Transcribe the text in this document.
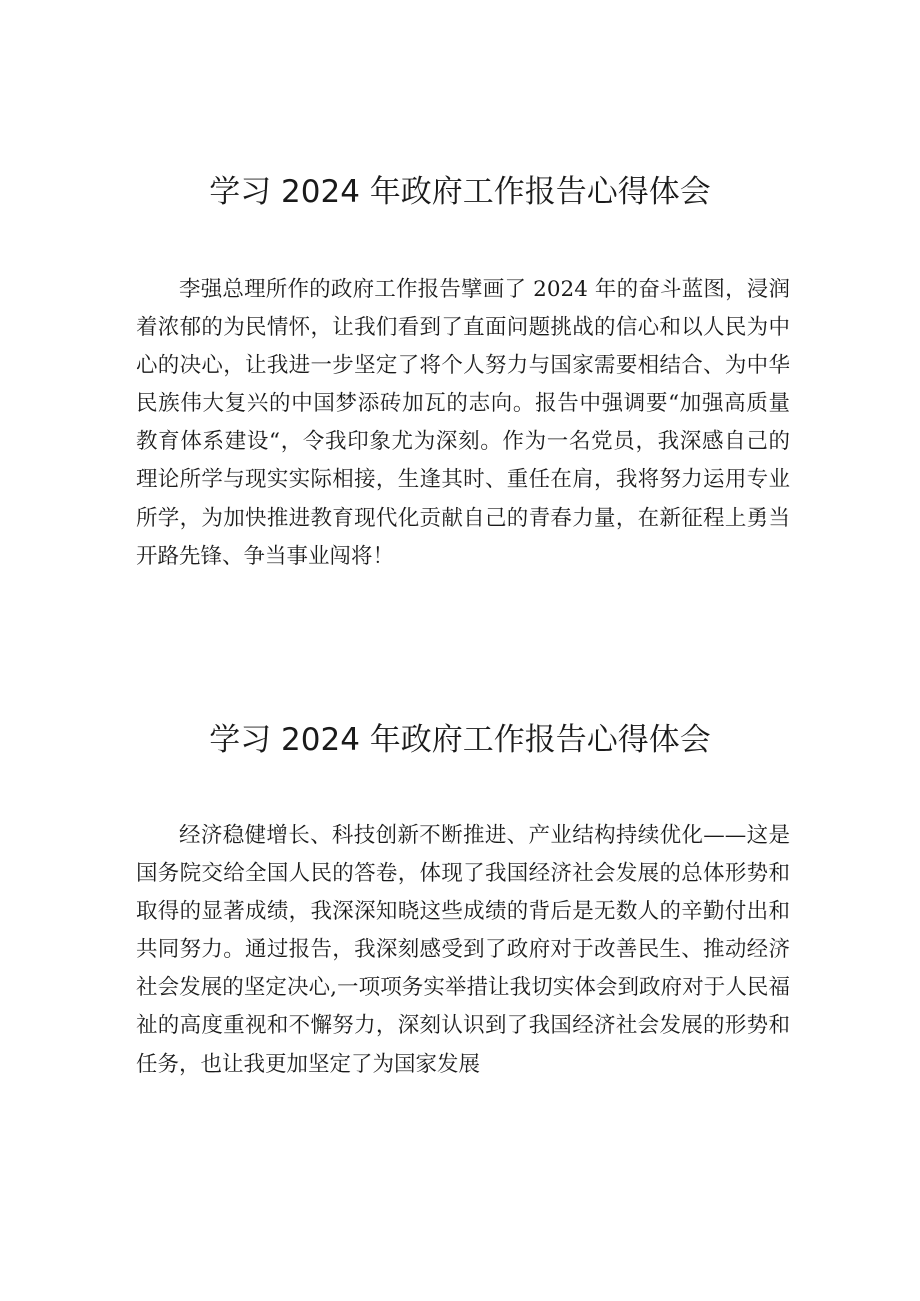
学习 2024 年政府工作报告心得体会

李强总理所作的政府工作报告擘画了 2024 年的奋斗蓝图，浸润着浓郁的为民情怀，让我们看到了直面问题挑战的信心和以人民为中心的决心，让我进一步坚定了将个人努力与国家需要相结合、为中华民族伟大复兴的中国梦添砖加瓦的志向。报告中强调要“加强高质量教育体系建设“，令我印象尤为深刻。作为一名党员，我深感自己的理论所学与现实实际相接，生逢其时、重任在肩，我将努力运用专业所学，为加快推进教育现代化贡献自己的青春力量，在新征程上勇当开路先锋、争当事业闯将！

学习 2024 年政府工作报告心得体会

经济稳健增长、科技创新不断推进、产业结构持续优化——这是国务院交给全国人民的答卷，体现了我国经济社会发展的总体形势和取得的显著成绩，我深深知晓这些成绩的背后是无数人的辛勤付出和共同努力。通过报告，我深刻感受到了政府对于改善民生、推动经济社会发展的坚定决心,一项项务实举措让我切实体会到政府对于人民福祉的高度重视和不懈努力，深刻认识到了我国经济社会发展的形势和任务，也让我更加坚定了为国家发展
